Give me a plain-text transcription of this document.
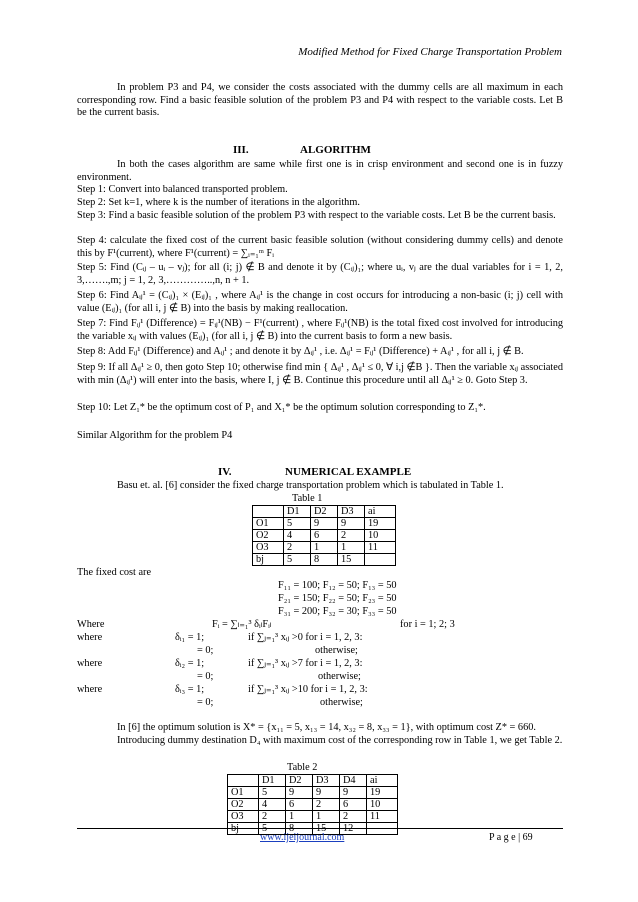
Modified Method for Fixed Charge Transportation Problem
In problem P3 and P4, we consider the costs associated with the dummy cells are all maximum in each corresponding row. Find a basic feasible solution of the problem P3 and P4 with respect to the variable costs. Let B be the current basis.
III.	ALGORITHM
In both the cases algorithm are same while first one is in crisp environment and second one is in fuzzy environment.
Step 1: Convert into balanced transported problem.
Step 2: Set k=1, where k is the number of iterations in the algorithm.
Step 3: Find a basic feasible solution of the problem P3 with respect to the variable costs. Let B be the current basis.
Step 4: calculate the fixed cost of the current basic feasible solution (without considering dummy cells) and denote this by F¹(current), where F¹(current) = ∑ᵢ₌₁ᵐ Fᵢ
Step 5: Find (Cᵢⱼ – uᵢ – vⱼ); for all (i; j) ∉ B and denote it by (Cᵢⱼ)₁; where uᵢ, vⱼ are the dual variables for i = 1, 2, 3,…….,m; j = 1, 2, 3,…………..,n, n + 1.
Step 6: Find Aᵢⱼ¹ = (Cᵢⱼ)₁ × (Eᵢⱼ)₁ , where Aᵢⱼ¹ is the change in cost occurs for introducing a non-basic (i; j) cell with value (Eᵢⱼ)₁ (for all i, j ∉ B) into the basis by making reallocation.
Step 7: Find Fᵢⱼ¹ (Difference) = Fᵢⱼ¹(NB) − F¹(current) , where Fᵢⱼ¹(NB) is the total fixed cost involved for introducing the variable xᵢⱼ with values (Eᵢⱼ)₁ (for all i, j ∉ B) into the current basis to form a new basis.
Step 8: Add Fᵢⱼ¹ (Difference) and Aᵢⱼ¹ ; and denote it by Δᵢⱼ¹ , i.e. Δᵢⱼ¹ = Fᵢⱼ¹ (Difference) + Aᵢⱼ¹ , for all i, j ∉ B.
Step 9: If all Δᵢⱼ¹ ≥ 0, then goto Step 10; otherwise find min { Δᵢⱼ¹ , Δᵢⱼ¹ ≤ 0, ∀ i,j ∉B }. Then the variable xᵢⱼ associated with min (Δᵢⱼ¹) will enter into the basis, where I, j ∉ B. Continue this procedure until all Δᵢⱼ¹ ≥ 0. Goto Step 3.
Step 10: Let Z₁* be the optimum cost of P₁ and X₁* be the optimum solution corresponding to Z₁*.
Similar Algorithm for the problem P4
IV.	NUMERICAL EXAMPLE
Basu et. al. [6] consider the fixed charge transportation problem which is tabulated in Table 1.
Table 1
	D1	D2	D3	ai
O1	5	9	9	19
O2	4	6	2	10
O3	2	1	1	11
bj	5	8	15	
The fixed cost are
F₁₁ = 100; F₁₂ = 50; F₁₃ = 50
F₂₁ = 150; F₂₂ = 50; F₂₃ = 50
F₃₁ = 200; F₃₂ = 30; F₃₃ = 50
Where	Fᵢ = ∑ₗ₌₁³ δᵢₗFᵢₗ	for i = 1; 2; 3
where	δᵢ₁ = 1;	if ∑ⱼ₌₁³ xᵢⱼ >0 for i = 1, 2, 3:
= 0;	otherwise;
where	δᵢ₂ = 1;	if ∑ⱼ₌₁³ xᵢⱼ >7 for i = 1, 2, 3:
= 0;	otherwise;
where	δᵢ₃ = 1;	if ∑ⱼ₌₁³ xᵢⱼ >10 for i = 1, 2, 3:
= 0;	otherwise;
In [6] the optimum solution is X* = {x₁₁ = 5, x₁₃ = 14, x₃₂ = 8, x₃₃ = 1}, with optimum cost Z* = 660.
Introducing dummy destination D₄ with maximum cost of the corresponding row in Table 1, we get Table 2.
Table 2
	D1	D2	D3	D4	ai
O1	5	9	9	9	19
O2	4	6	2	6	10
O3	2	1	1	2	11
bj	5	8	15	12	
www.ijeijournal.com	P a g e | 69
